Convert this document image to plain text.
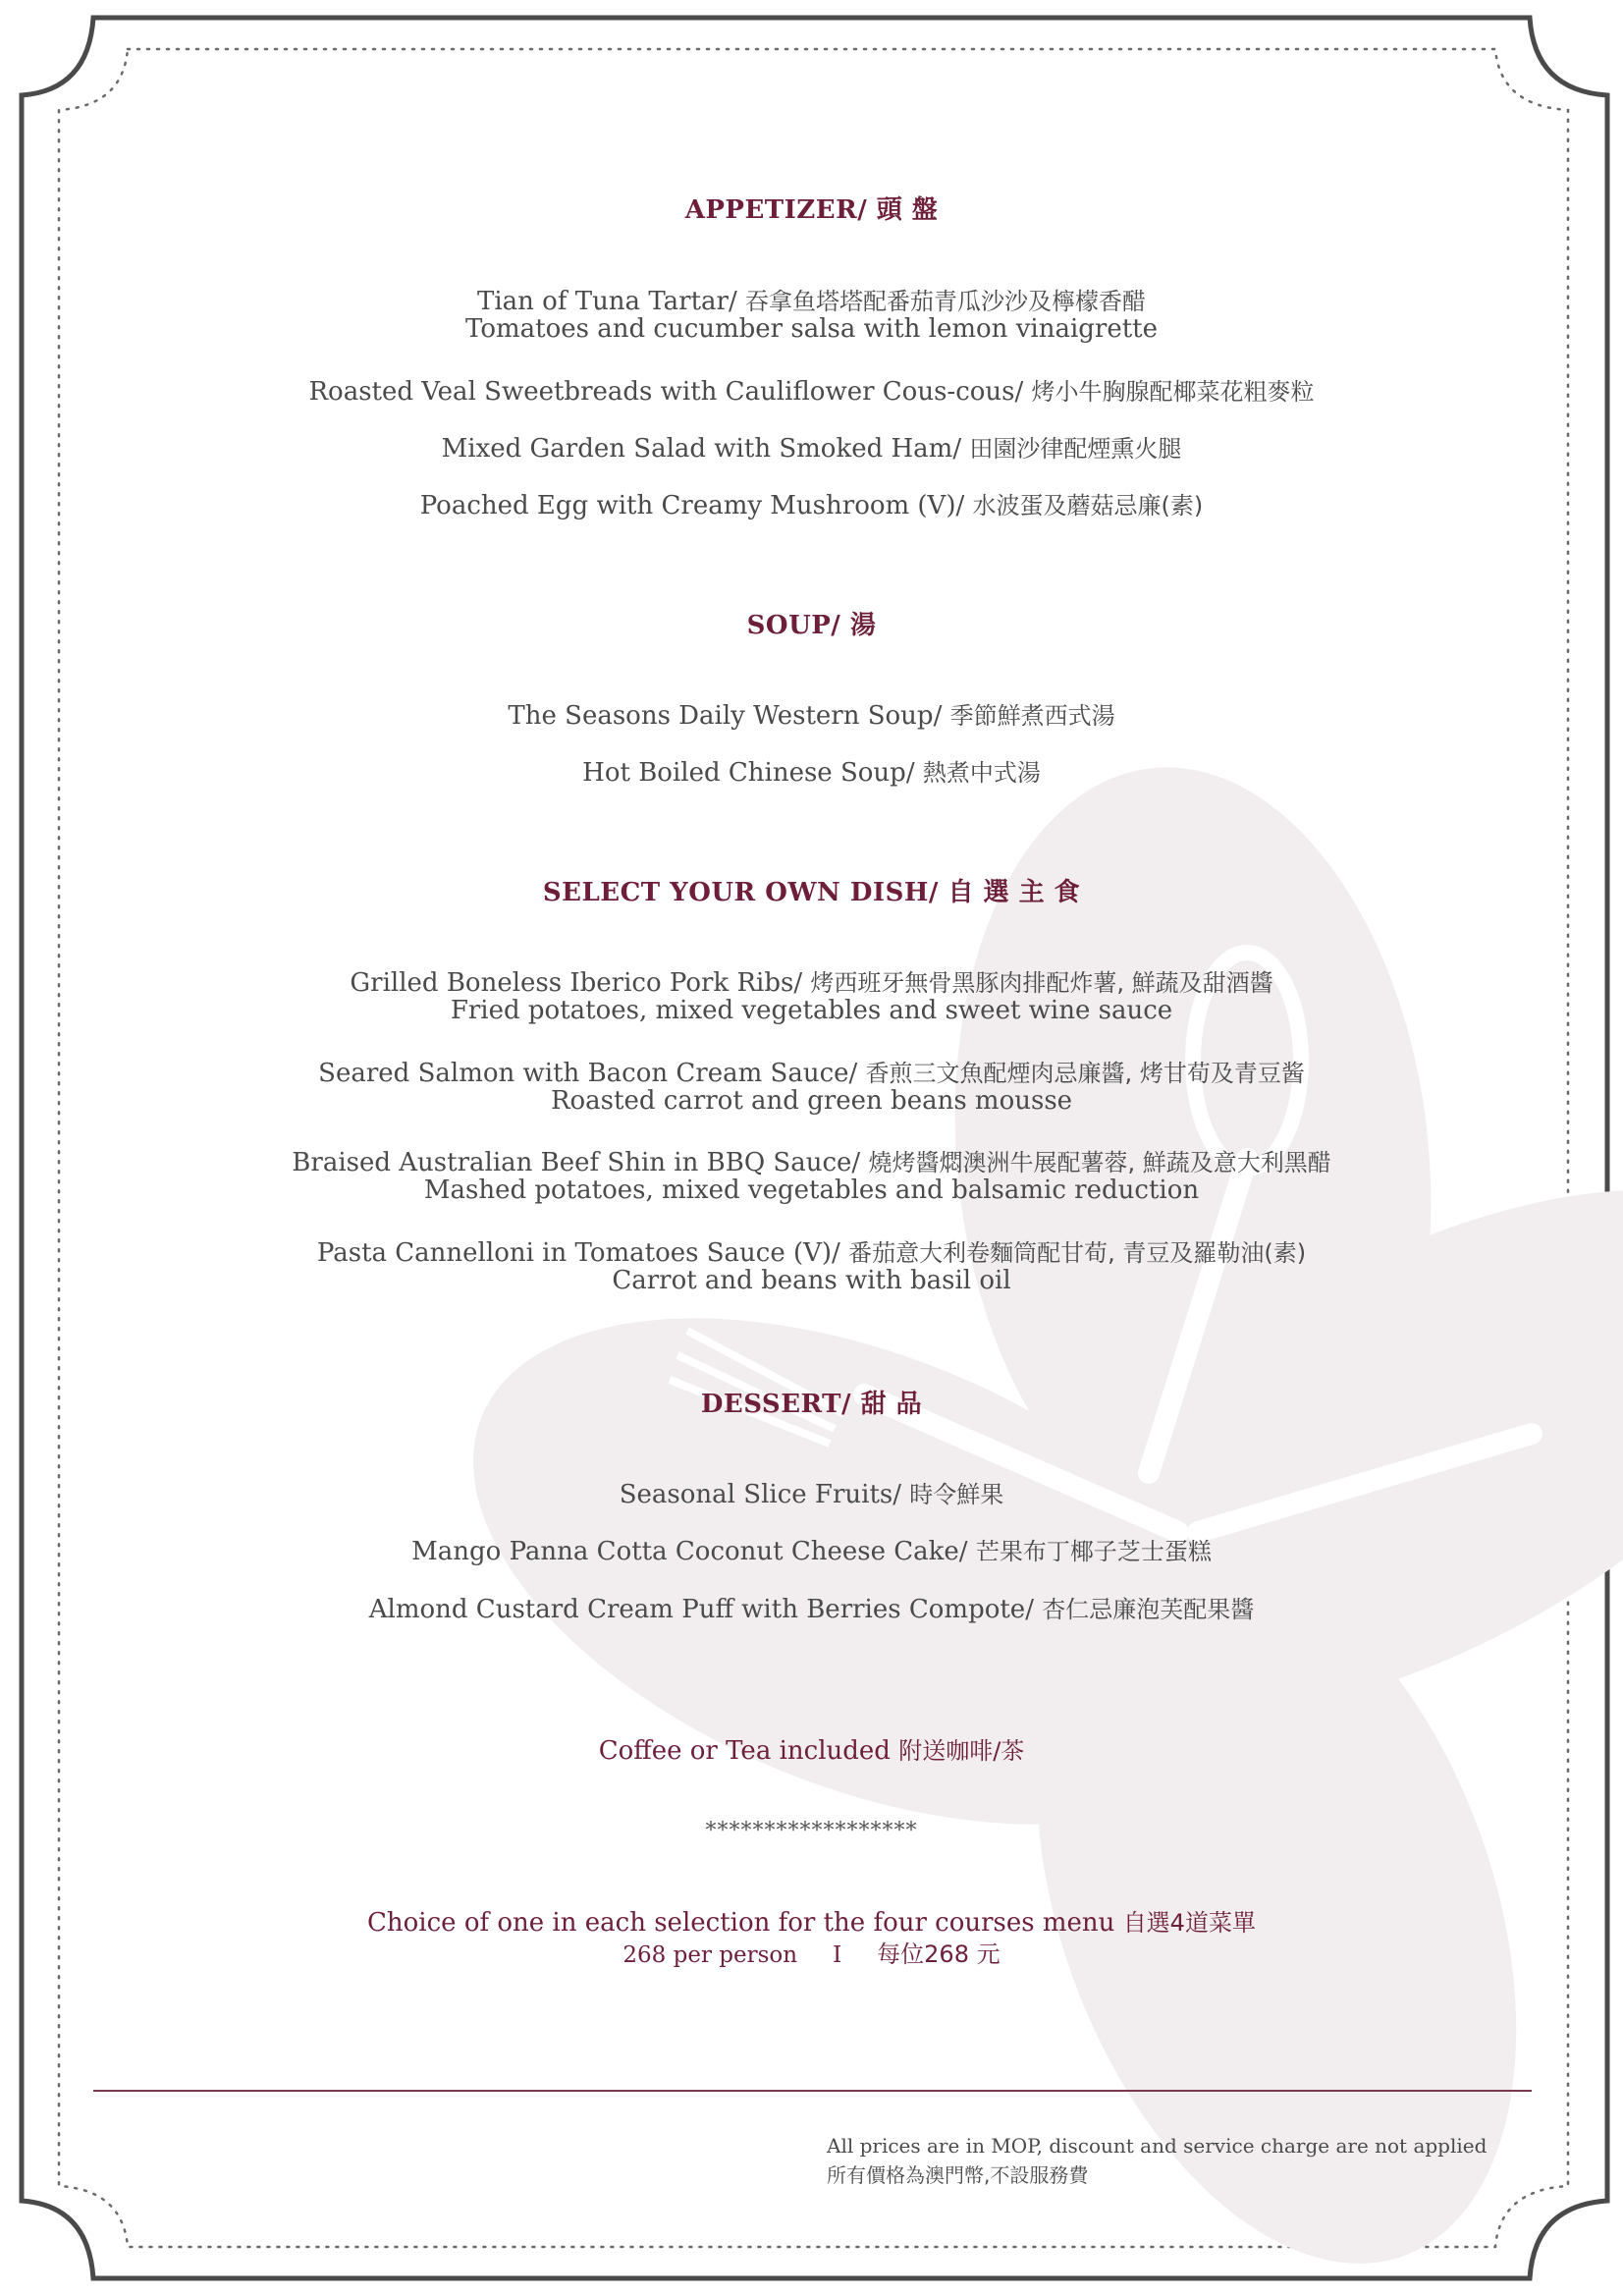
APPETIZER/ 頭 盤
Tian of Tuna Tartar/ 吞拿鱼塔塔配番茄青瓜沙沙及檸檬香醋
Tomatoes and cucumber salsa with lemon vinaigrette
Roasted Veal Sweetbreads with Cauliflower Cous-cous/ 烤小牛胸腺配椰菜花粗麥粒
Mixed Garden Salad with Smoked Ham/ 田園沙律配煙熏火腿
Poached Egg with Creamy Mushroom (V)/ 水波蛋及蘑菇忌廉(素)
SOUP/ 湯
The Seasons Daily Western Soup/ 季節鮮煮西式湯
Hot Boiled Chinese Soup/ 熱煮中式湯
SELECT YOUR OWN DISH/ 自 選 主 食
Grilled Boneless Iberico Pork Ribs/ 烤西班牙無骨黑豚肉排配炸薯, 鮮蔬及甜酒醬
Fried potatoes, mixed vegetables and sweet wine sauce
Seared Salmon with Bacon Cream Sauce/ 香煎三文魚配煙肉忌廉醬, 烤甘荀及青豆酱
Roasted carrot and green beans mousse
Braised Australian Beef Shin in BBQ Sauce/ 燒烤醬燜澳洲牛展配薯蓉, 鮮蔬及意大利黑醋
Mashed potatoes, mixed vegetables and balsamic reduction
Pasta Cannelloni in Tomatoes Sauce (V)/ 番茄意大利卷麵筒配甘荀, 青豆及羅勒油(素)
Carrot and beans with basil oil
DESSERT/ 甜 品
Seasonal Slice Fruits/ 時令鮮果
Mango Panna Cotta Coconut Cheese Cake/ 芒果布丁椰子芝士蛋糕
Almond Custard Cream Puff with Berries Compote/ 杏仁忌廉泡芙配果醬
Coffee or Tea included 附送咖啡/茶
******************
Choice of one in each selection for the four courses menu 自選4道菜單
268 per person I 每位268 元
All prices are in MOP, discount and service charge are not applied
所有價格為澳門幣,不設服務費
